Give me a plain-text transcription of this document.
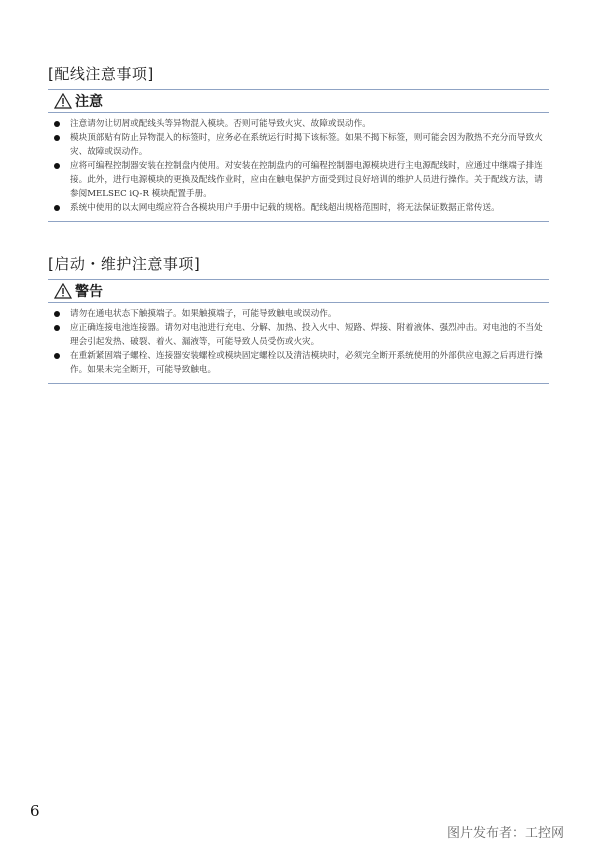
[配线注意事项]
注意
注意请勿让切屑或配线头等异物混入模块。否则可能导致火灾、故障或误动作。
模块顶部贴有防止异物混入的标签时，应务必在系统运行时揭下该标签。如果不揭下标签，则可能会因为散热不充分而导致火灾、故障或误动作。
应将可编程控制器安装在控制盘内使用。对安装在控制盘内的可编程控制器电源模块进行主电源配线时，应通过中继端子排连接。此外，进行电源模块的更换及配线作业时，应由在触电保护方面受到过良好培训的维护人员进行操作。关于配线方法，请参阅MELSEC iQ-R 模块配置手册。
系统中使用的以太网电缆应符合各模块用户手册中记载的规格。配线超出规格范围时，将无法保证数据正常传送。
[启动・维护注意事项]
警告
请勿在通电状态下触摸端子。如果触摸端子，可能导致触电或误动作。
应正确连接电池连接器。请勿对电池进行充电、分解、加热、投入火中、短路、焊接、附着液体、强烈冲击。对电池的不当处理会引起发热、破裂、着火、漏液等，可能导致人员受伤或火灾。
在重新紧固端子螺栓、连接器安装螺栓或模块固定螺栓以及清洁模块时，必须完全断开系统使用的外部供应电源之后再进行操作。如果未完全断开，可能导致触电。
6
图片发布者：工控网
